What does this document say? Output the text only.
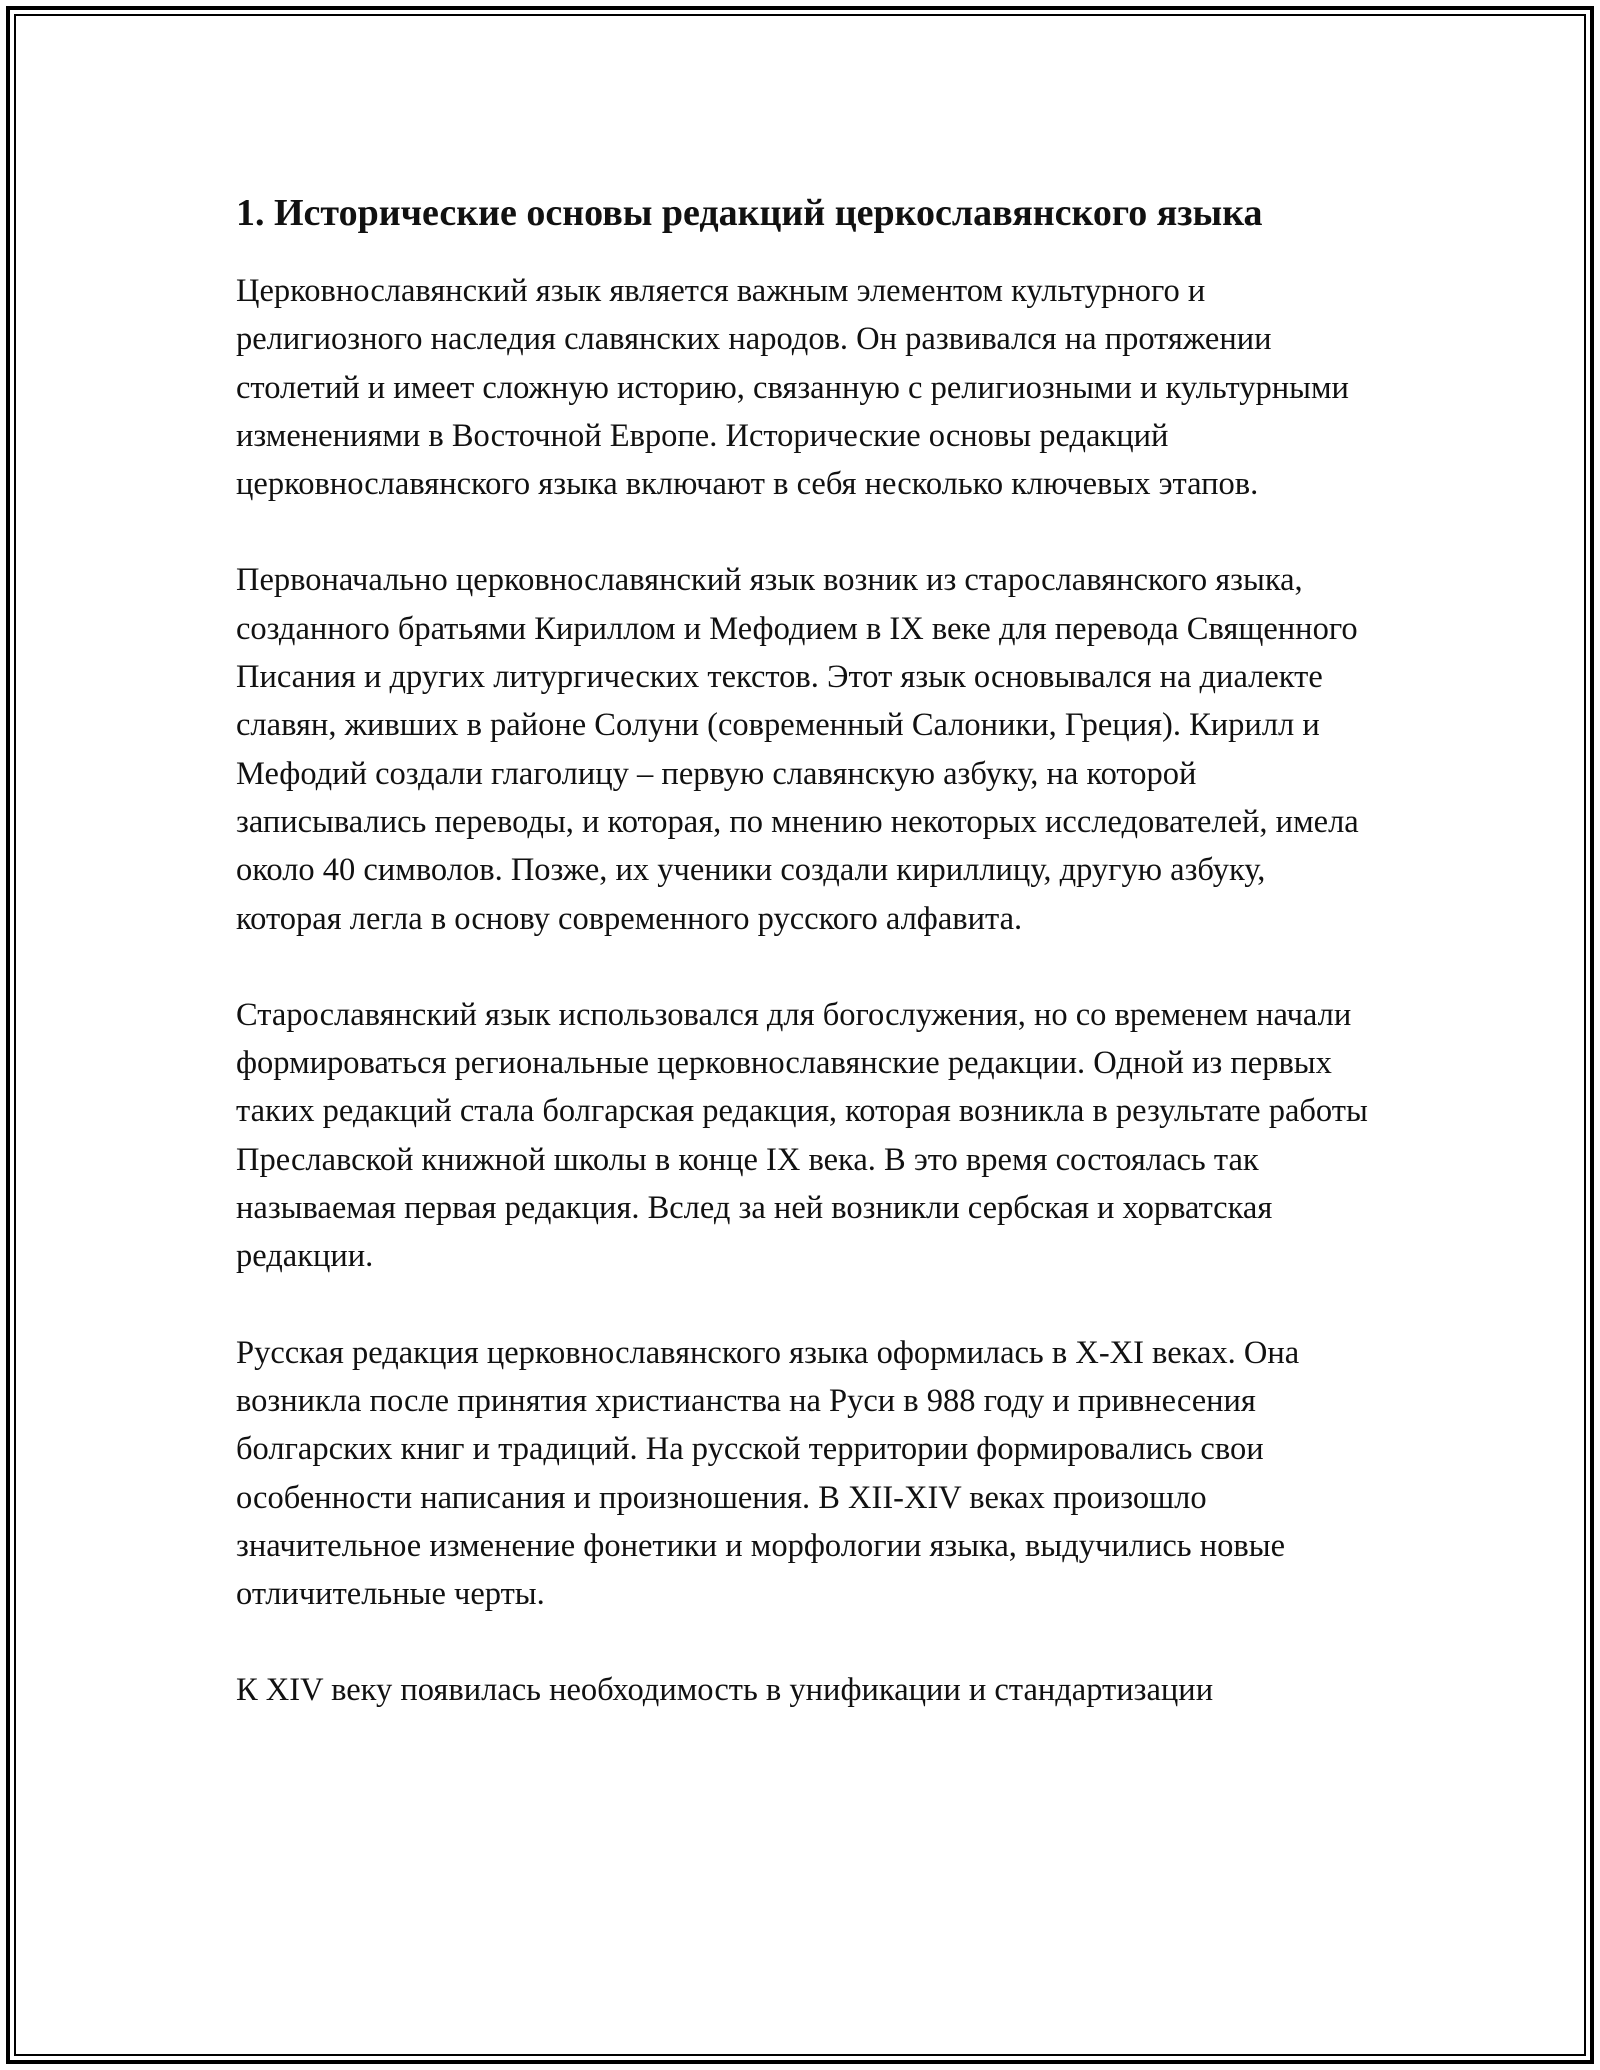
1. Исторические основы редакций церкославянского языка

Церковнославянский язык является важным элементом культурного и религиозного наследия славянских народов. Он развивался на протяжении столетий и имеет сложную историю, связанную с религиозными и культурными изменениями в Восточной Европе. Исторические основы редакций церковнославянского языка включают в себя несколько ключевых этапов.

Первоначально церковнославянский язык возник из старославянского языка, созданного братьями Кириллом и Мефодием в IX веке для перевода Священного Писания и других литургических текстов. Этот язык основывался на диалекте славян, живших в районе Солуни (современный Салоники, Греция). Кирилл и Мефодий создали глаголицу – первую славянскую азбуку, на которой записывались переводы, и которая, по мнению некоторых исследователей, имела около 40 символов. Позже, их ученики создали кириллицу, другую азбуку, которая легла в основу современного русского алфавита.

Старославянский язык использовался для богослужения, но со временем начали формироваться региональные церковнославянские редакции. Одной из первых таких редакций стала болгарская редакция, которая возникла в результате работы Преславской книжной школы в конце IX века. В это время состоялась так называемая первая редакция. Вслед за ней возникли сербская и хорватская редакции.

Русская редакция церковнославянского языка оформилась в X-XI веках. Она возникла после принятия христианства на Руси в 988 году и привнесения болгарских книг и традиций. На русской территории формировались свои особенности написания и произношения. В XII-XIV веках произошло значительное изменение фонетики и морфологии языка, выдучились новые отличительные черты.

К XIV веку появилась необходимость в унификации и стандартизации
